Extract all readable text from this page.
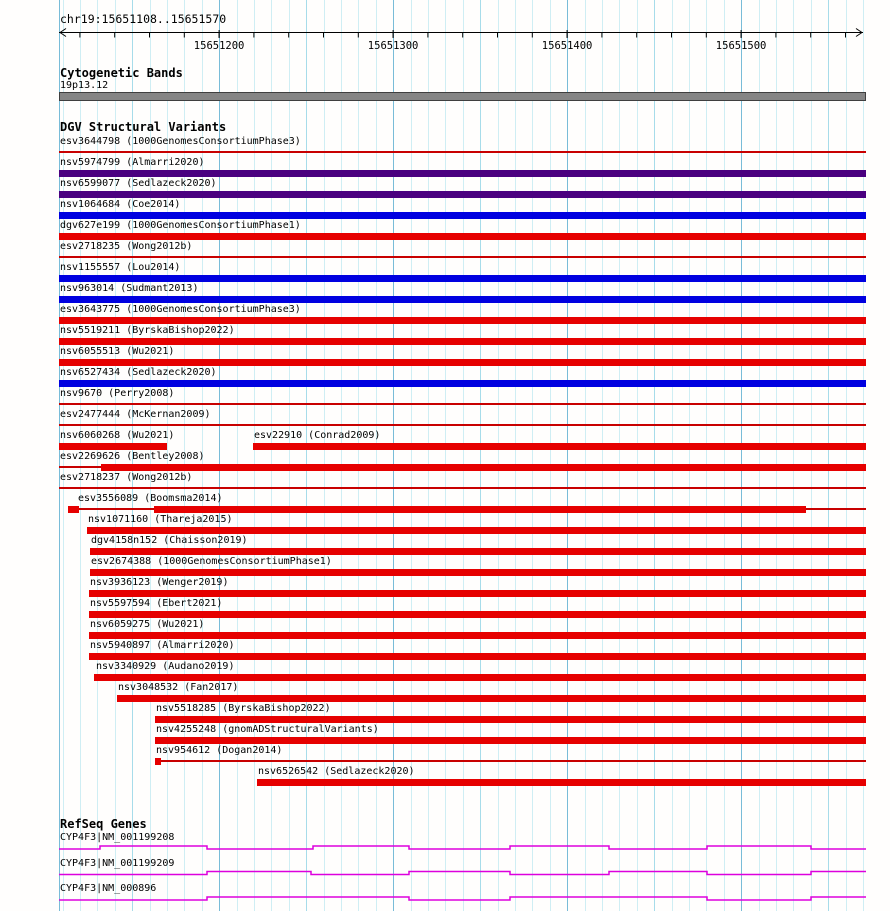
15651200	15651300	15651400	15651500
chr19:15651108..15651570
Cytogenetic Bands
19p13.12
DGV Structural Variants
esv3644798 (1000GenomesConsortiumPhase3)
nsv5974799 (Almarri2020)
nsv6599077 (Sedlazeck2020)
nsv1064684 (Coe2014)
dgv627e199 (1000GenomesConsortiumPhase1)
esv2718235 (Wong2012b)
nsv1155557 (Lou2014)
nsv963014 (Sudmant2013)
esv3643775 (1000GenomesConsortiumPhase3)
nsv5519211 (ByrskaBishop2022)
nsv6055513 (Wu2021)
nsv6527434 (Sedlazeck2020)
nsv9670 (Perry2008)
esv2477444 (McKernan2009)
nsv6060268 (Wu2021)	esv22910 (Conrad2009)
esv2269626 (Bentley2008)
esv2718237 (Wong2012b)
esv3556089 (Boomsma2014)
nsv1071160 (Thareja2015)
dgv4158n152 (Chaisson2019)
esv2674388 (1000GenomesConsortiumPhase1)
nsv3936123 (Wenger2019)
nsv5597594 (Ebert2021)
nsv6059275 (Wu2021)
nsv5940897 (Almarri2020)
nsv3340929 (Audano2019)
nsv3048532 (Fan2017)
nsv5518285 (ByrskaBishop2022)
nsv4255248 (gnomADStructuralVariants)
nsv954612 (Dogan2014)
nsv6526542 (Sedlazeck2020)
RefSeq Genes
CYP4F3|NM_001199208
CYP4F3|NM_001199209
CYP4F3|NM_000896
